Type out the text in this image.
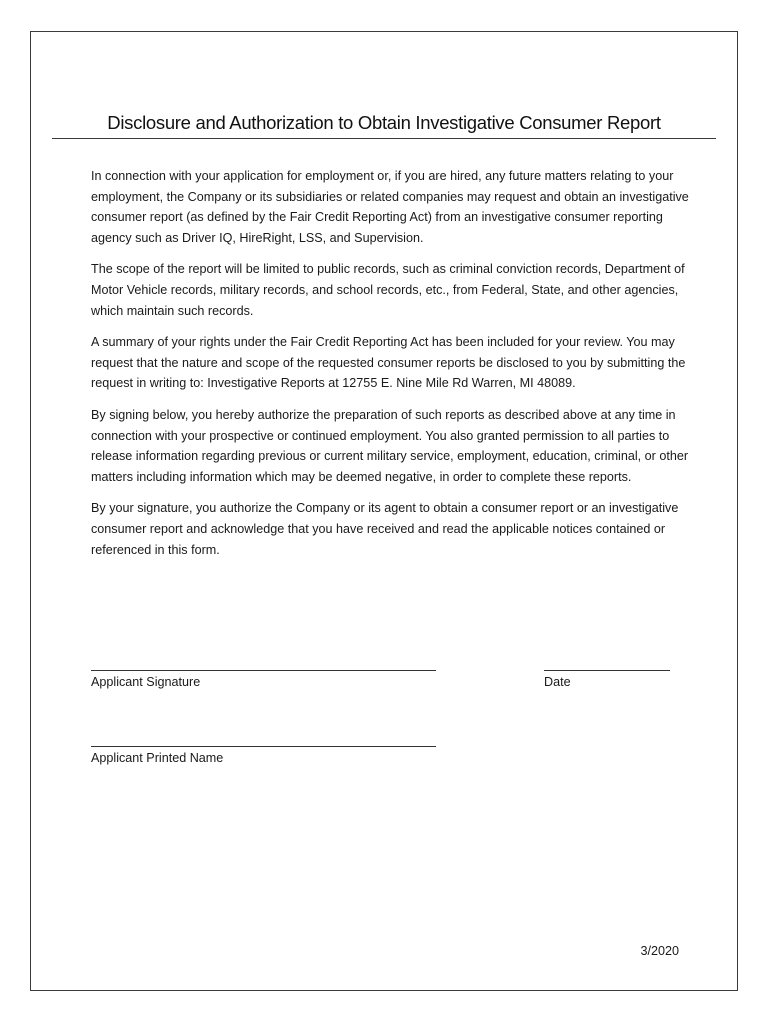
Disclosure and Authorization to Obtain Investigative Consumer Report

In connection with your application for employment or, if you are hired, any future matters relating to your employment, the Company or its subsidiaries or related companies may request and obtain an investigative consumer report (as defined by the Fair Credit Reporting Act) from an investigative consumer reporting agency such as Driver IQ, HireRight, LSS, and Supervision.

The scope of the report will be limited to public records, such as criminal conviction records, Department of Motor Vehicle records, military records, and school records, etc., from Federal, State, and other agencies, which maintain such records.

A summary of your rights under the Fair Credit Reporting Act has been included for your review. You may request that the nature and scope of the requested consumer reports be disclosed to you by submitting the request in writing to: Investigative Reports at 12755 E. Nine Mile Rd Warren, MI 48089.

By signing below, you hereby authorize the preparation of such reports as described above at any time in connection with your prospective or continued employment. You also granted permission to all parties to release information regarding previous or current military service, employment, education, criminal, or other matters including information which may be deemed negative, in order to complete these reports.

By your signature, you authorize the Company or its agent to obtain a consumer report or an investigative consumer report and acknowledge that you have received and read the applicable notices contained or referenced in this form.

Applicant Signature	Date
Applicant Printed Name
3/2020
